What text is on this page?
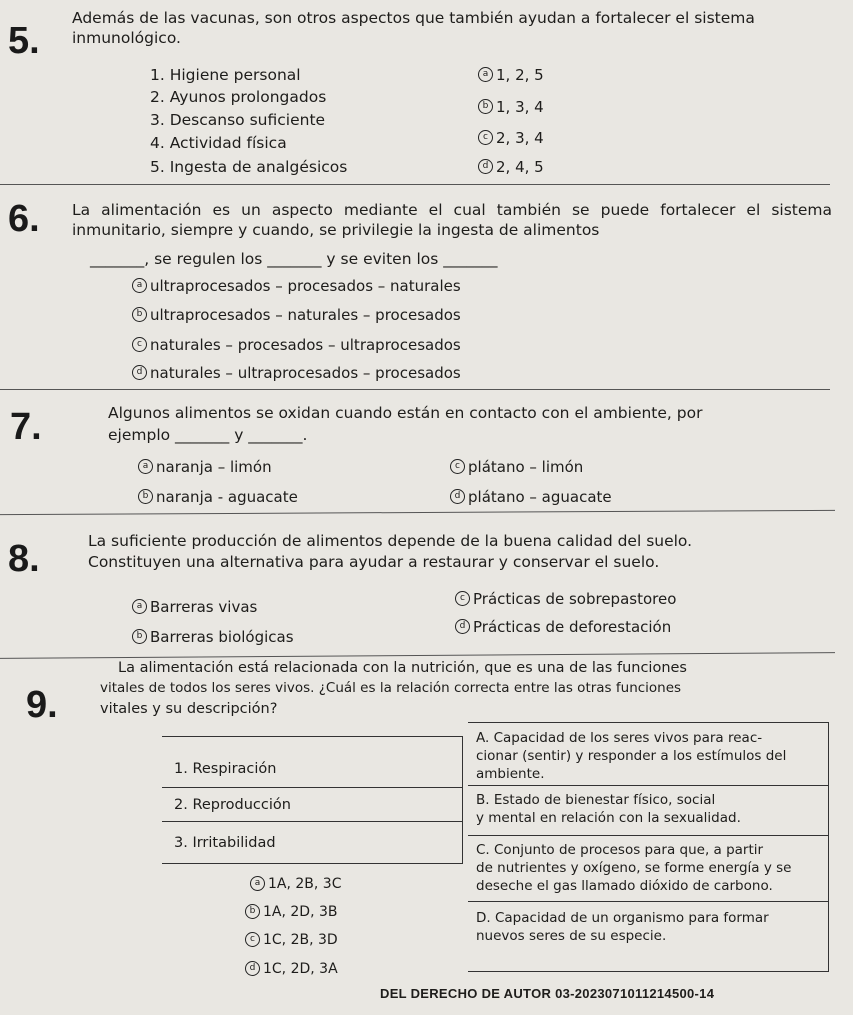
5.
Además de las vacunas, son otros aspectos que también ayudan a fortalecer el sistema inmunológico.
1. Higiene personal
2. Ayunos prolongados
3. Descanso suficiente
4. Actividad física
5. Ingesta de analgésicos
a 1, 2, 5
b 1, 3, 4
c 2, 3, 4
d 2, 4, 5
6. La alimentación es un aspecto mediante el cual también se puede fortalecer el sistema inmunitario, siempre y cuando, se privilegie la ingesta de alimentos
_______, se regulen los _______ y se eviten los _______
a ultraprocesados – procesados – naturales
b ultraprocesados – naturales – procesados
c naturales – procesados – ultraprocesados
d naturales – ultraprocesados – procesados
7.	Algunos alimentos se oxidan cuando están en contacto con el ambiente, por
ejemplo _______ y _______.
a naranja – limón
b naranja - aguacate
c plátano – limón
d plátano – aguacate
8.	La suficiente producción de alimentos depende de la buena calidad del suelo.
Constituyen una alternativa para ayudar a restaurar y conservar el suelo.
a Barreras vivas
b Barreras biológicas
c Prácticas de sobrepastoreo
d Prácticas de deforestación
9.
La alimentación está relacionada con la nutrición, que es una de las funciones
vitales de todos los seres vivos. ¿Cuál es la relación correcta entre las otras funciones
vitales y su descripción?
1. Respiración
2. Reproducción
3. Irritabilidad
A. Capacidad de los seres vivos para reac-
cionar (sentir) y responder a los estímulos del
ambiente.
B. Estado de bienestar físico, social
y mental en relación con la sexualidad.
C. Conjunto de procesos para que, a partir
de nutrientes y oxígeno, se forme energía y se
deseche el gas llamado dióxido de carbono.
D. Capacidad de un organismo para formar
nuevos seres de su especie.
a 1A, 2B, 3C
b 1A, 2D, 3B
c 1C, 2B, 3D
d 1C, 2D, 3A
DEL DERECHO DE AUTOR 03-2023071011214500-14
